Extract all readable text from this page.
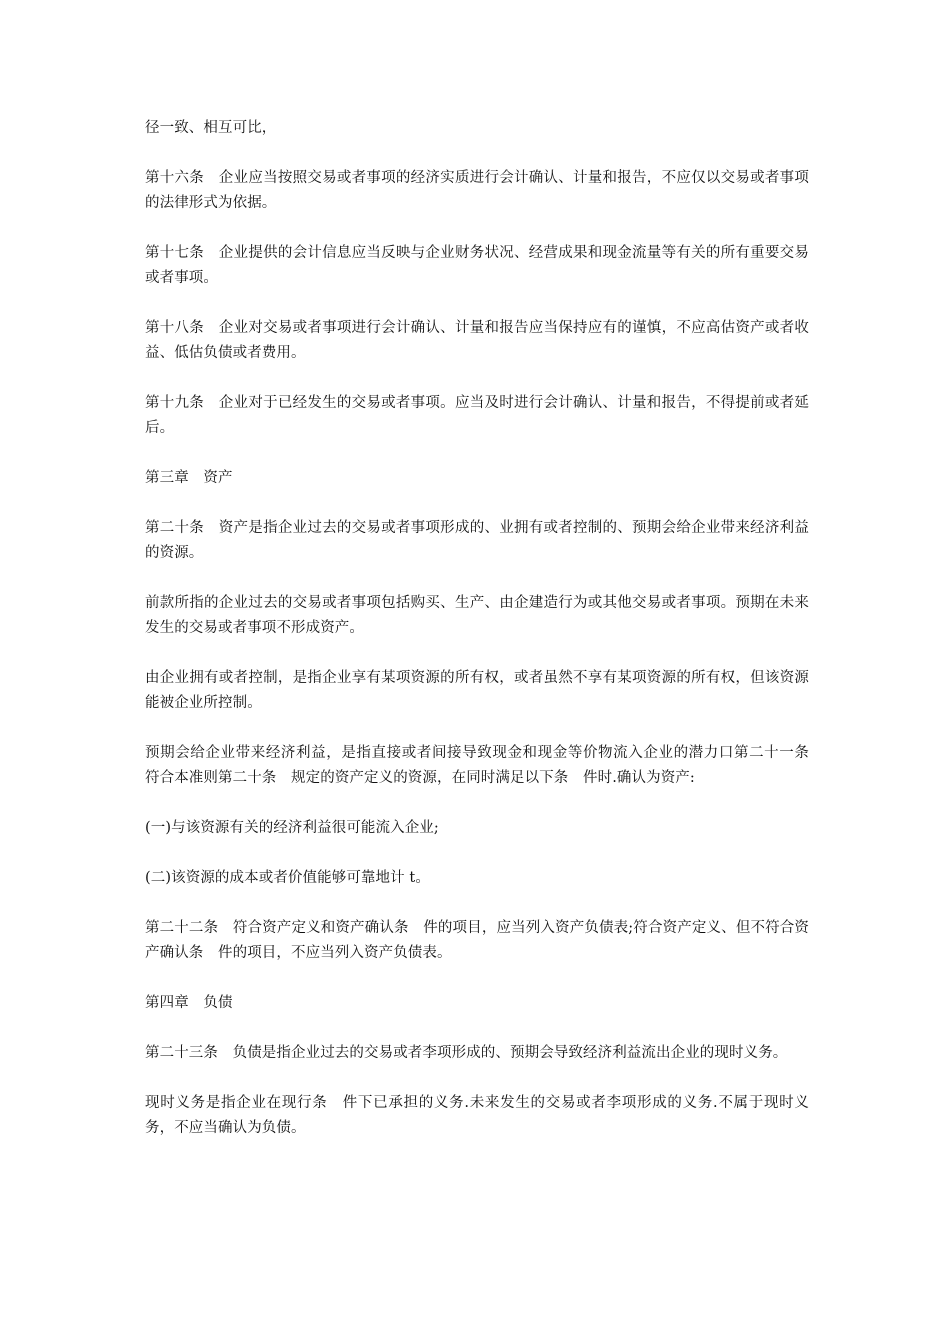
径一致、相互可比，

第十六条　企业应当按照交易或者事项的经济实质进行会计确认、计量和报告，不应仅以交易或者事项的法律形式为依据。

第十七条　企业提供的会计信息应当反映与企业财务状况、经营成果和现金流量等有关的所有重要交易或者事项。

第十八条　企业对交易或者事项进行会计确认、计量和报告应当保持应有的谨慎，不应高估资产或者收益、低估负债或者费用。

第十九条　企业对于已经发生的交易或者事项。应当及时进行会计确认、计量和报告，不得提前或者延后。

第三章　资产

第二十条　资产是指企业过去的交易或者事项形成的、业拥有或者控制的、预期会给企业带来经济利益的资源。

前款所指的企业过去的交易或者事项包括购买、生产、由企建造行为或其他交易或者事项。预期在未来发生的交易或者事项不形成资产。

由企业拥有或者控制，是指企业享有某项资源的所有权，或者虽然不享有某项资源的所有权，但该资源能被企业所控制。

预期会给企业带来经济利益，是指直接或者间接导致现金和现金等价物流入企业的潜力口第二十一条　符合本准则第二十条　规定的资产定义的资源，在同时满足以下条　件时.确认为资产:

(一)与该资源有关的经济利益很可能流入企业;

(二)该资源的成本或者价值能够可靠地计 t。

第二十二条　符合资产定义和资产确认条　件的项目，应当列入资产负债表;符合资产定义、但不符合资产确认条　件的项目，不应当列入资产负债表。

第四章　负债

第二十三条　负债是指企业过去的交易或者李项形成的、预期会导致经济利益流出企业的现时义务。

现时义务是指企业在现行条　件下已承担的义务.未来发生的交易或者李项形成的义务.不属于现时义务，不应当确认为负债。
